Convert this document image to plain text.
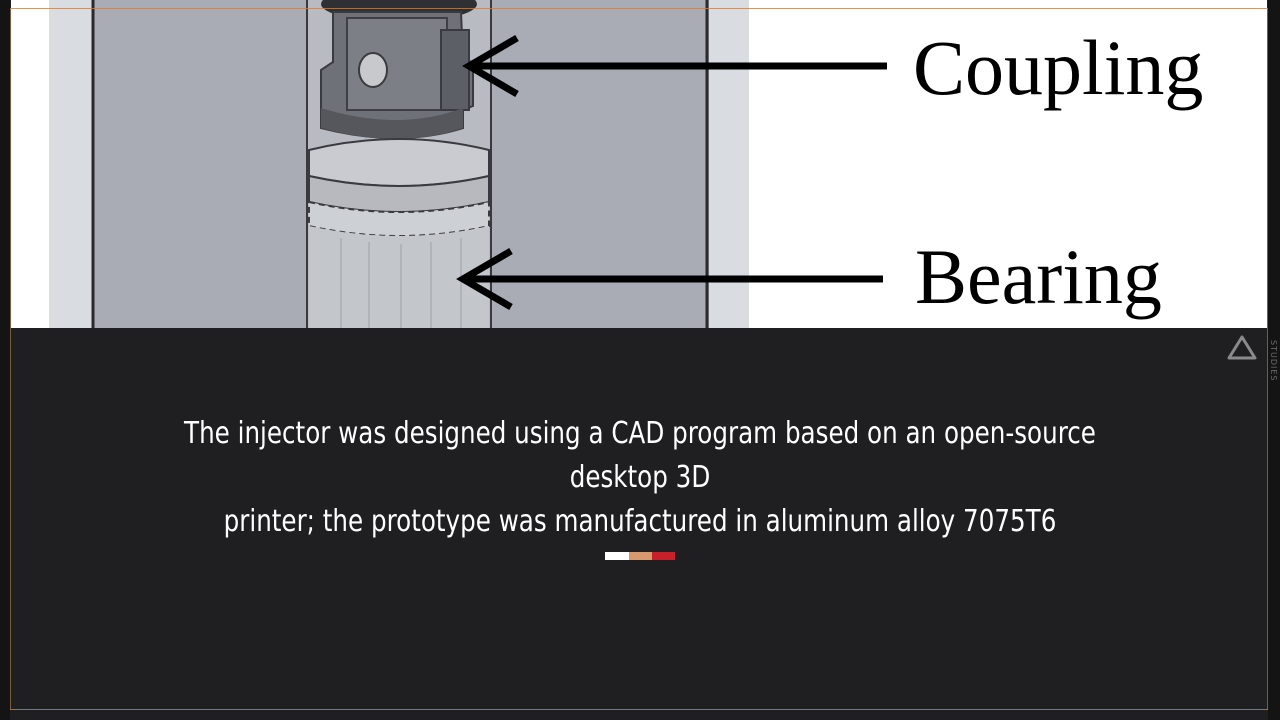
Coupling
Bearing
STUDIES
The injector was designed using a CAD program based on an open-source desktop 3D
printer; the prototype was manufactured in aluminum alloy 7075T6
